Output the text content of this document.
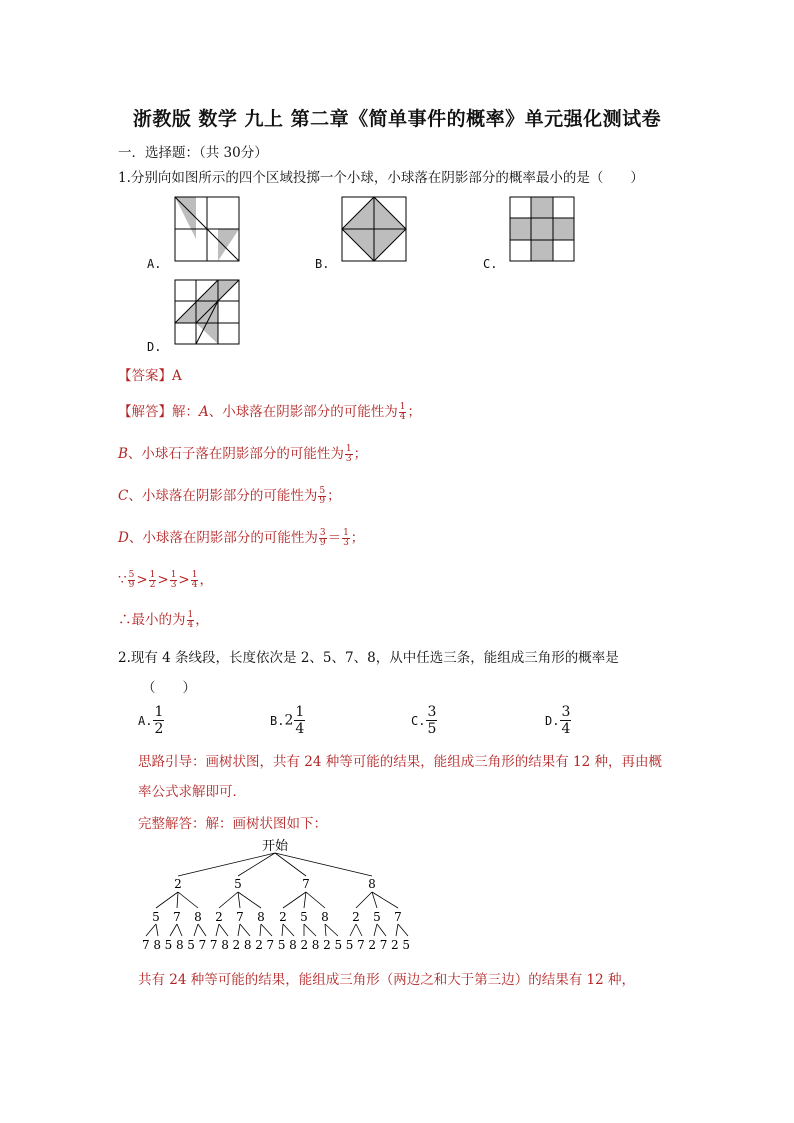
浙教版 数学 九上 第二章《简单事件的概率》单元强化测试卷
一．选择题：（共 30分）
1.分别向如图所示的四个区域投掷一个小球，小球落在阴影部分的概率最小的是（　　）
A.	B.	C.
D.
【答案】A
【解答】解：A、小球落在阴影部分的可能性为 $\frac{1}{4}$ ；
B、小球石子落在阴影部分的可能性为 $\frac{1}{3}$ ；
C、小球落在阴影部分的可能性为 $\frac{5}{9}$ ；
D、小球落在阴影部分的可能性为 $\frac{3}{9} = \frac{1}{3}$ ；
∵ $\frac{5}{9} > \frac{1}{2} > \frac{1}{3} > \frac{1}{4}$ ，
∴最小的为 $\frac{1}{4}$ ，
2.现有 4 条线段，长度依次是 2、5、7、8，从中任选三条，能组成三角形的概率是
（　　）
A. $\frac{1}{2}$	$B.2 \frac{1}{4}$	C. $\frac{3}{5}$	D. $\frac{3}{4}$
思路引导：画树状图，共有 24 种等可能的结果，能组成三角形的结果有 12 种，再由概
率公式求解即可．
完整解答：解：画树状图如下：
开始
2	5	7	8
5 7 8 2 7 8 2 5 8 2 5 7
7 8 5 8 5 7 7 8 2 8 2 7 5 8 2 8 2 5 5 7 2 7 2 5
共有 24 种等可能的结果，能组成三角形（两边之和大于第三边）的结果有 12 种，
